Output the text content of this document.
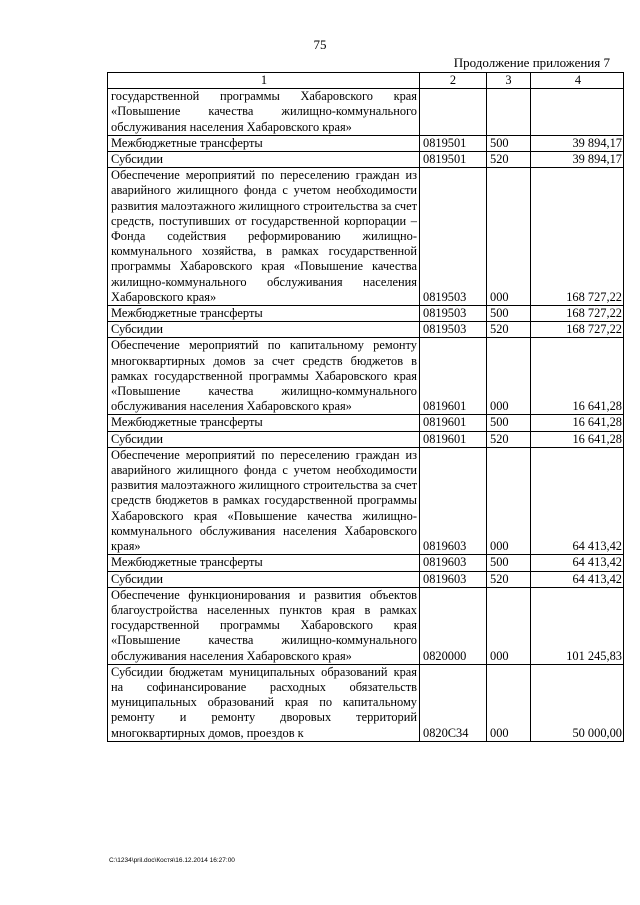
75
Продолжение приложения 7
1	2	3	4
государственной программы Хабаровского края «Повышение качества жилищно-коммунального обслуживания населения Хабаровского края»			
Межбюджетные трансферты	0819501	500	39 894,17
Субсидии	0819501	520	39 894,17
Обеспечение мероприятий по переселению граждан из аварийного жилищного фонда с учетом необходимости развития малоэтажного жилищного строительства за счет средств, поступивших от государственной корпорации – Фонда содействия реформированию жилищно-коммунального хозяйства, в рамках государственной программы Хабаровского края «Повышение качества жилищно-коммунального обслуживания населения Хабаровского края»	0819503	000	168 727,22
Межбюджетные трансферты	0819503	500	168 727,22
Субсидии	0819503	520	168 727,22
Обеспечение мероприятий по капитальному ремонту многоквартирных домов за счет средств бюджетов в рамках государственной программы Хабаровского края «Повышение качества жилищно-коммунального обслуживания населения Хабаровского края»	0819601	000	16 641,28
Межбюджетные трансферты	0819601	500	16 641,28
Субсидии	0819601	520	16 641,28
Обеспечение мероприятий по переселению граждан из аварийного жилищного фонда с учетом необходимости развития малоэтажного жилищного строительства за счет средств бюджетов в рамках государственной программы Хабаровского края «Повышение качества жилищно-коммунального обслуживания населения Хабаровского края»	0819603	000	64 413,42
Межбюджетные трансферты	0819603	500	64 413,42
Субсидии	0819603	520	64 413,42
Обеспечение функционирования и развития объектов благоустройства населенных пунктов края в рамках государственной программы Хабаровского края «Повышение качества жилищно-коммунального обслуживания населения Хабаровского края»	0820000	000	101 245,83
Субсидии бюджетам муниципальных образований края на софинансирование расходных обязательств муниципальных образований края по капитальному ремонту и ремонту дворовых территорий многоквартирных домов, проездов к	0820С34	000	50 000,00
C:\1234\pril.doc\Костя\16.12.2014 16:27:00
